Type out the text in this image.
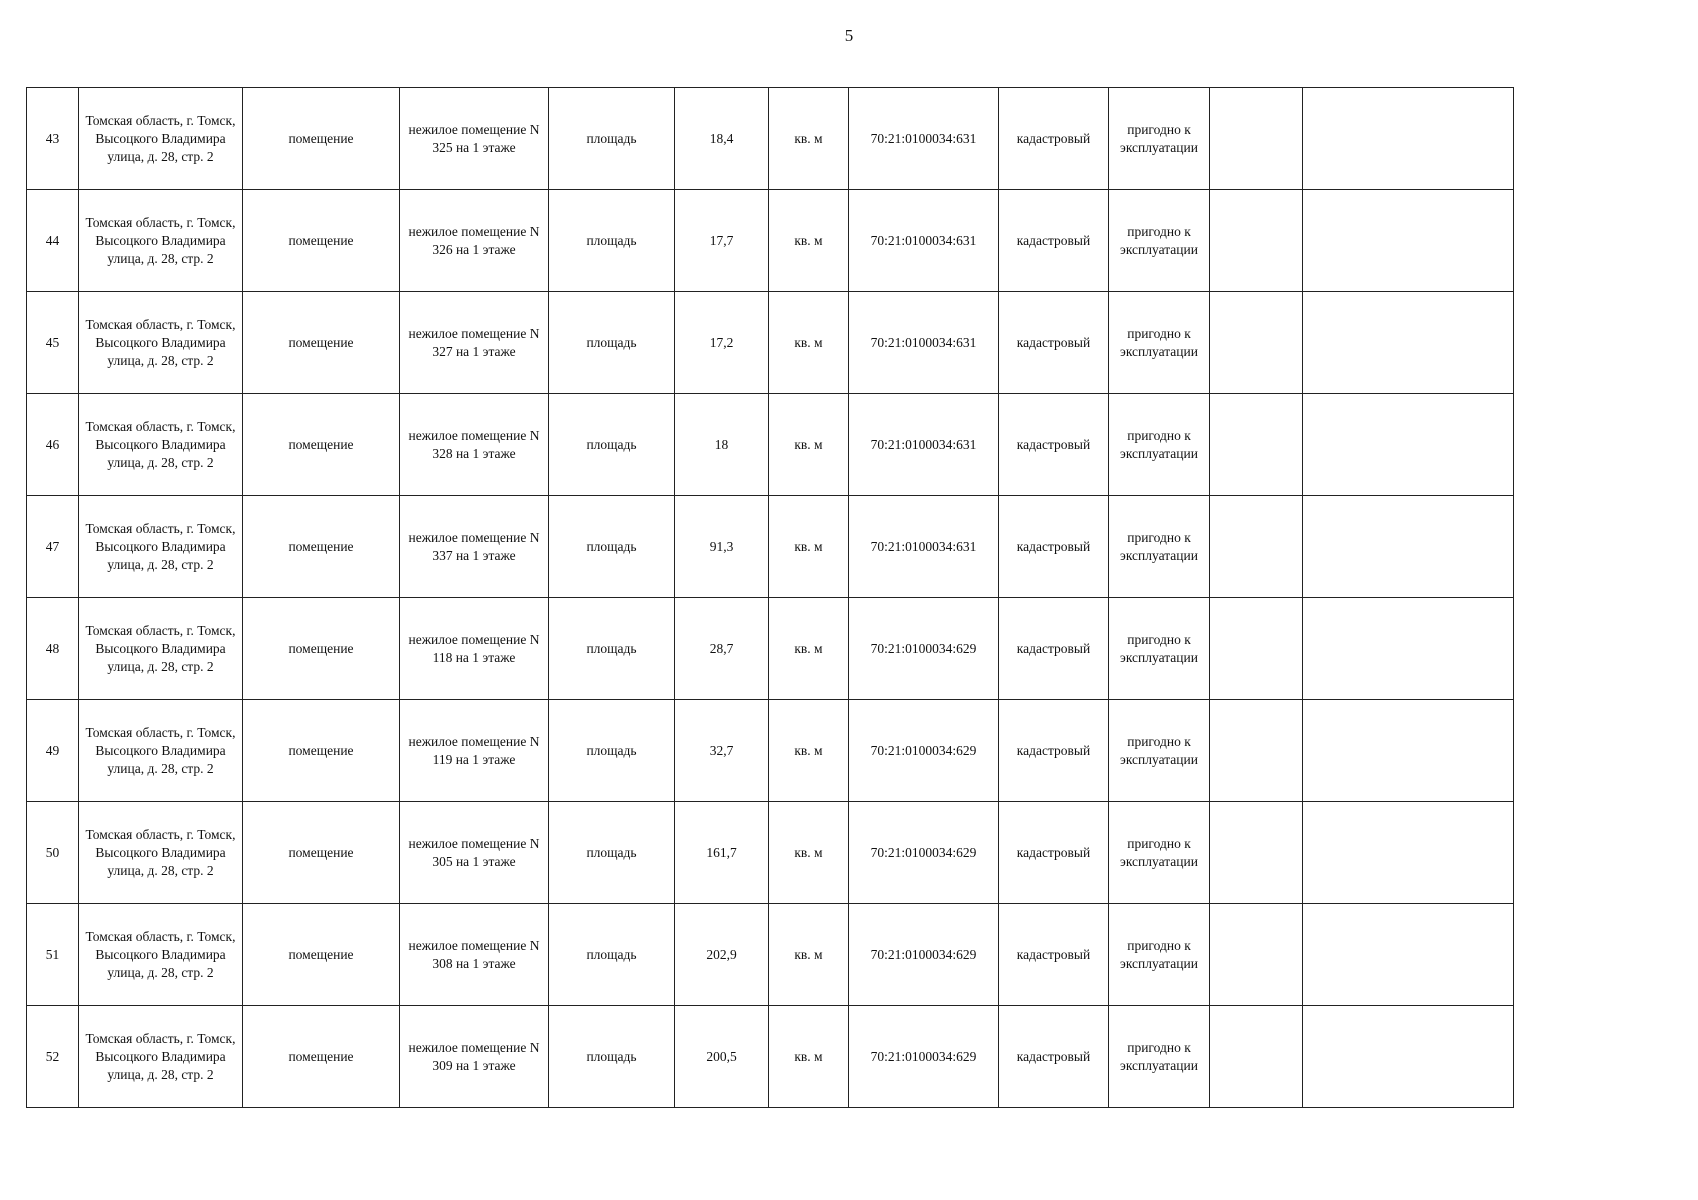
5
43	Томская область, г. Томск, Высоцкого Владимира улица, д. 28, стр. 2	помещение	нежилое помещение N 325 на 1 этаже	площадь	18,4	кв. м	70:21:0100034:631	кадастровый	пригодно к эксплуатации		
44	Томская область, г. Томск, Высоцкого Владимира улица, д. 28, стр. 2	помещение	нежилое помещение N 326 на 1 этаже	площадь	17,7	кв. м	70:21:0100034:631	кадастровый	пригодно к эксплуатации		
45	Томская область, г. Томск, Высоцкого Владимира улица, д. 28, стр. 2	помещение	нежилое помещение N 327 на 1 этаже	площадь	17,2	кв. м	70:21:0100034:631	кадастровый	пригодно к эксплуатации		
46	Томская область, г. Томск, Высоцкого Владимира улица, д. 28, стр. 2	помещение	нежилое помещение N 328 на 1 этаже	площадь	18	кв. м	70:21:0100034:631	кадастровый	пригодно к эксплуатации		
47	Томская область, г. Томск, Высоцкого Владимира улица, д. 28, стр. 2	помещение	нежилое помещение N 337 на 1 этаже	площадь	91,3	кв. м	70:21:0100034:631	кадастровый	пригодно к эксплуатации		
48	Томская область, г. Томск, Высоцкого Владимира улица, д. 28, стр. 2	помещение	нежилое помещение N 118 на 1 этаже	площадь	28,7	кв. м	70:21:0100034:629	кадастровый	пригодно к эксплуатации		
49	Томская область, г. Томск, Высоцкого Владимира улица, д. 28, стр. 2	помещение	нежилое помещение N 119 на 1 этаже	площадь	32,7	кв. м	70:21:0100034:629	кадастровый	пригодно к эксплуатации		
50	Томская область, г. Томск, Высоцкого Владимира улица, д. 28, стр. 2	помещение	нежилое помещение N 305 на 1 этаже	площадь	161,7	кв. м	70:21:0100034:629	кадастровый	пригодно к эксплуатации		
51	Томская область, г. Томск, Высоцкого Владимира улица, д. 28, стр. 2	помещение	нежилое помещение N 308 на 1 этаже	площадь	202,9	кв. м	70:21:0100034:629	кадастровый	пригодно к эксплуатации		
52	Томская область, г. Томск, Высоцкого Владимира улица, д. 28, стр. 2	помещение	нежилое помещение N 309 на 1 этаже	площадь	200,5	кв. м	70:21:0100034:629	кадастровый	пригодно к эксплуатации		
